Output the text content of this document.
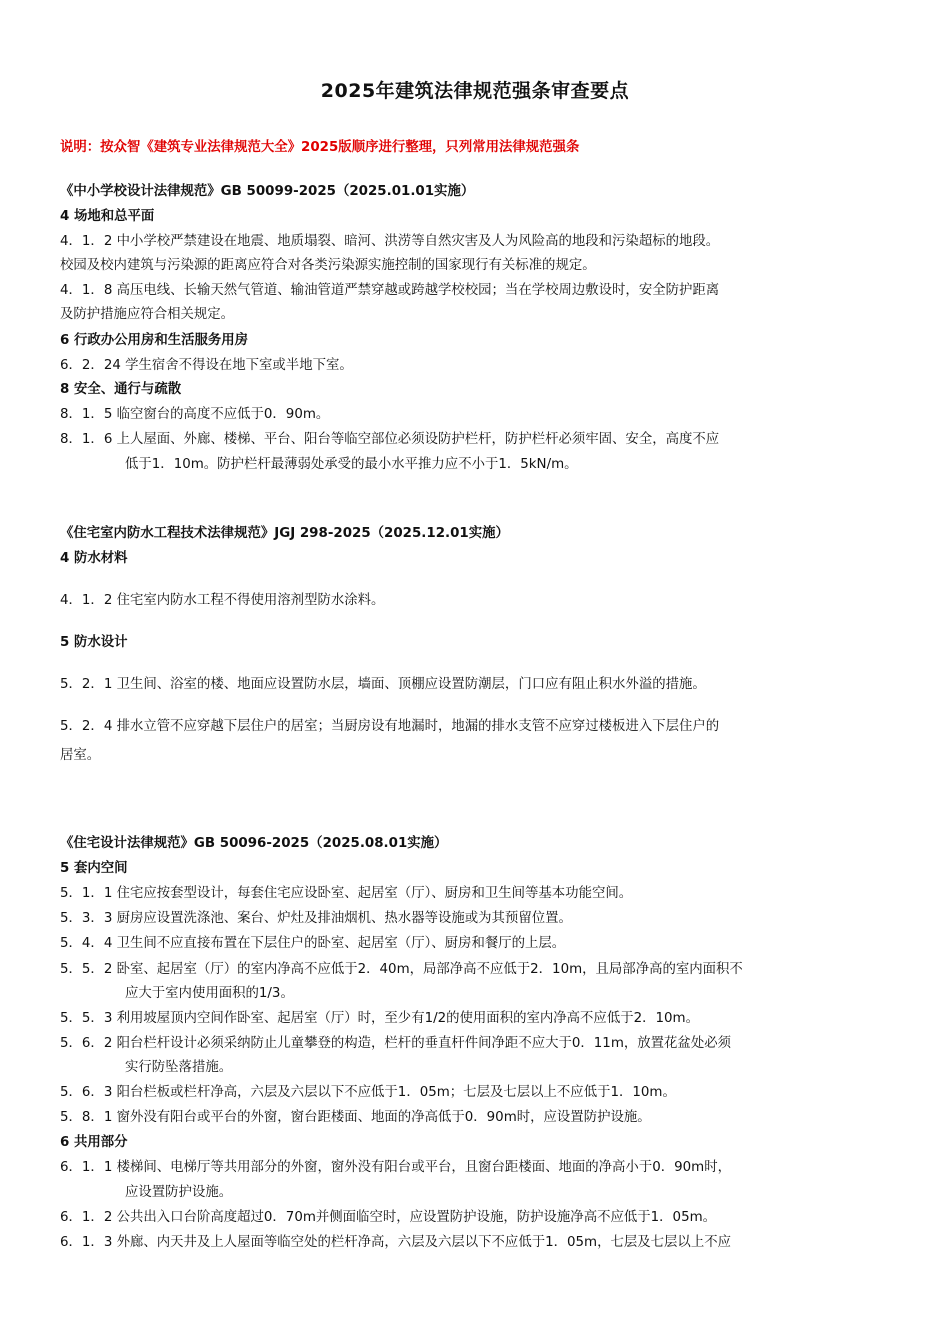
2025年建筑法律规范强条审查要点
说明：按众智《建筑专业法律规范大全》2025版顺序进行整理，只列常用法律规范强条
《中小学校设计法律规范》GB 50099-2025（2025.01.01实施）
4 场地和总平面
4．1．2 中小学校严禁建设在地震、地质塌裂、暗河、洪涝等自然灾害及人为风险高的地段和污染超标的地段。
校园及校内建筑与污染源的距离应符合对各类污染源实施控制的国家现行有关标准的规定。
4．1．8 高压电线、长输天然气管道、输油管道严禁穿越或跨越学校校园；当在学校周边敷设时，安全防护距离
及防护措施应符合相关规定。
6 行政办公用房和生活服务用房
6．2．24 学生宿舍不得设在地下室或半地下室。
8 安全、通行与疏散
8．1．5 临空窗台的高度不应低于0．90m。
8．1．6 上人屋面、外廊、楼梯、平台、阳台等临空部位必须设防护栏杆，防护栏杆必须牢固、安全，高度不应
低于1．10m。防护栏杆最薄弱处承受的最小水平推力应不小于1．5kN/m。
《住宅室内防水工程技术法律规范》JGJ 298-2025（2025.12.01实施）
4 防水材料
4．1．2 住宅室内防水工程不得使用溶剂型防水涂料。
5 防水设计
5．2．1 卫生间、浴室的楼、地面应设置防水层，墙面、顶棚应设置防潮层，门口应有阻止积水外溢的措施。
5．2．4 排水立管不应穿越下层住户的居室；当厨房设有地漏时，地漏的排水支管不应穿过楼板进入下层住户的
居室。
《住宅设计法律规范》GB 50096-2025（2025.08.01实施）
5 套内空间
5．1．1 住宅应按套型设计，每套住宅应设卧室、起居室（厅）、厨房和卫生间等基本功能空间。
5．3．3 厨房应设置洗涤池、案台、炉灶及排油烟机、热水器等设施或为其预留位置。
5．4．4 卫生间不应直接布置在下层住户的卧室、起居室（厅）、厨房和餐厅的上层。
5．5．2 卧室、起居室（厅）的室内净高不应低于2．40m，局部净高不应低于2．10m，且局部净高的室内面积不
应大于室内使用面积的1/3。
5．5．3 利用坡屋顶内空间作卧室、起居室（厅）时，至少有1/2的使用面积的室内净高不应低于2．10m。
5．6．2 阳台栏杆设计必须采纳防止儿童攀登的构造，栏杆的垂直杆件间净距不应大于0．11m，放置花盆处必须
实行防坠落措施。
5．6．3 阳台栏板或栏杆净高，六层及六层以下不应低于1．05m；七层及七层以上不应低于1．10m。
5．8．1 窗外没有阳台或平台的外窗，窗台距楼面、地面的净高低于0．90m时，应设置防护设施。
6 共用部分
6．1．1 楼梯间、电梯厅等共用部分的外窗，窗外没有阳台或平台，且窗台距楼面、地面的净高小于0．90m时，
应设置防护设施。
6．1．2 公共出入口台阶高度超过0．70m并侧面临空时，应设置防护设施，防护设施净高不应低于1．05m。
6．1．3 外廊、内天井及上人屋面等临空处的栏杆净高，六层及六层以下不应低于1．05m，七层及七层以上不应
